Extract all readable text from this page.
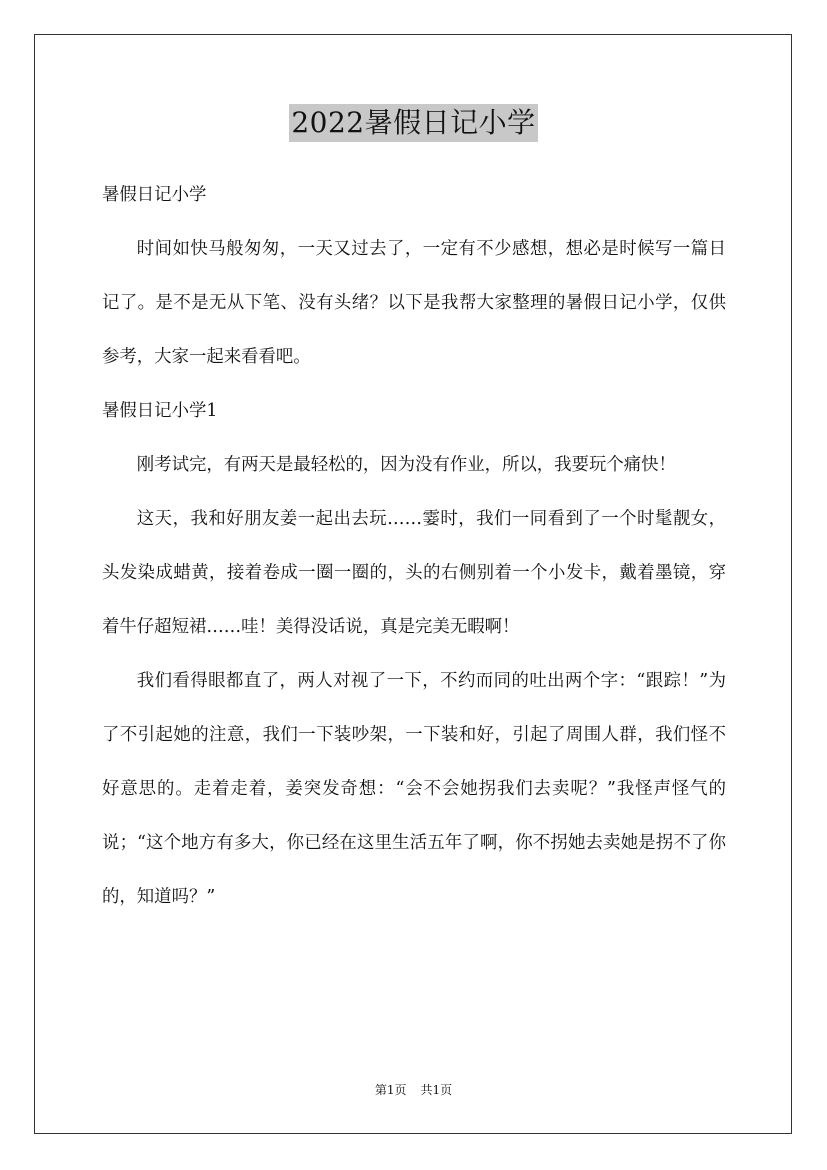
2022暑假日记小学

暑假日记小学

时间如快马般匆匆，一天又过去了，一定有不少感想，想必是时候写一篇日记了。是不是无从下笔、没有头绪？以下是我帮大家整理的暑假日记小学，仅供参考，大家一起来看看吧。

暑假日记小学1

刚考试完，有两天是最轻松的，因为没有作业，所以，我要玩个痛快！

这天，我和好朋友姜一起出去玩……霎时，我们一同看到了一个时髦靓女，头发染成蜡黄，接着卷成一圈一圈的，头的右侧别着一个小发卡，戴着墨镜，穿着牛仔超短裙……哇！美得没话说，真是完美无暇啊！

我们看得眼都直了，两人对视了一下，不约而同的吐出两个字：“跟踪！”为了不引起她的注意，我们一下装吵架，一下装和好，引起了周围人群，我们怪不好意思的。走着走着，姜突发奇想：“会不会她拐我们去卖呢？”我怪声怪气的说；“这个地方有多大，你已经在这里生活五年了啊，你不拐她去卖她是拐不了你的，知道吗？”

第1页 共1页
